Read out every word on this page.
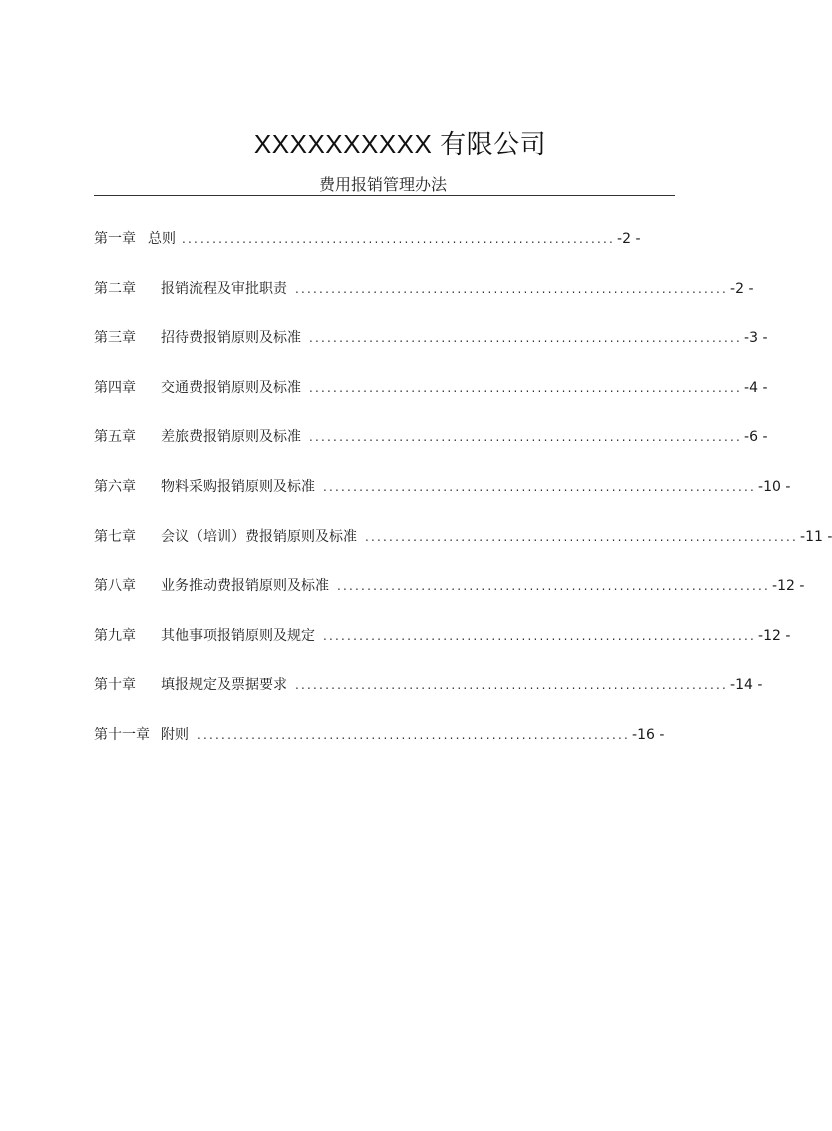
XXXXXXXXXX 有限公司
费用报销管理办法
第一章 总则 ........................................................................ -2 -
第二章	报销流程及审批职责 ........................................................................ -2 -
第三章	招待费报销原则及标准 ........................................................................ -3 -
第四章	交通费报销原则及标准 ........................................................................ -4 -
第五章	差旅费报销原则及标准 ........................................................................ -6 -
第六章	物料采购报销原则及标准 ........................................................................ -10 -
第七章	会议（培训）费报销原则及标准 ........................................................................ -11 -
第八章	业务推动费报销原则及标准 ........................................................................ -12 -
第九章	其他事项报销原则及规定 ........................................................................ -12 -
第十章	填报规定及票据要求 ........................................................................ -14 -
第十一章 附则 ........................................................................ -16 -
